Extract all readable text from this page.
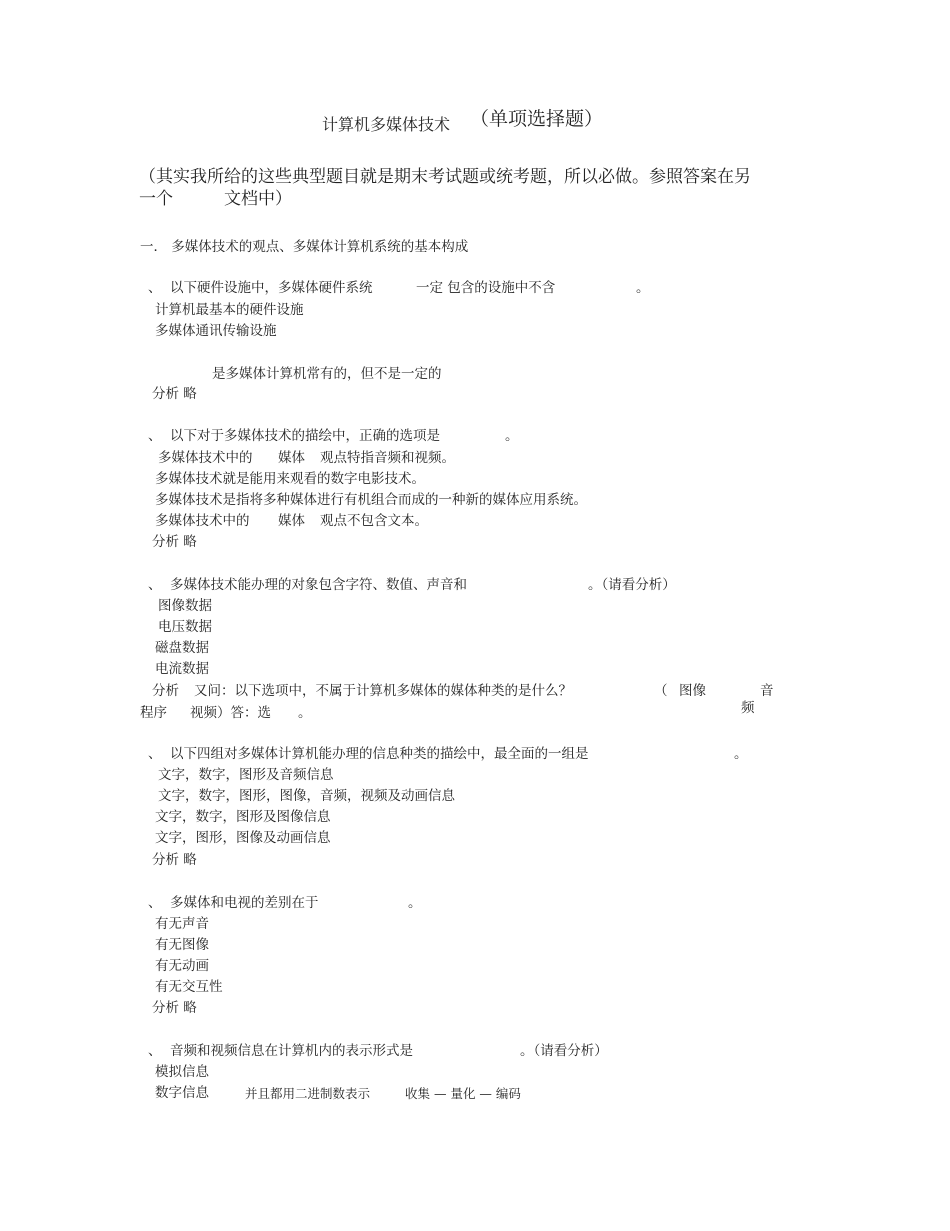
计算机多媒体技术 （单项选择题）
（其实我所给的这些典型题目就是期末考试题或统考题，所以必做。参照答案在另
一个	文档中）
一． 多媒体技术的观点、多媒体计算机系统的基本构成
、 以下硬件设施中，多媒体硬件系统	一定 包含的设施中不含	。
计算机最基本的硬件设施
多媒体通讯传输设施
是多媒体计算机常有的，但不是一定的
分析 略
、 以下对于多媒体技术的描绘中，正确的选项是	。
多媒体技术中的 媒体 观点特指音频和视频。
多媒体技术就是能用来观看的数字电影技术。
多媒体技术是指将多种媒体进行有机组合而成的一种新的媒体应用系统。
多媒体技术中的 媒体 观点不包含文本。
分析 略
、 多媒体技术能办理的对象包含字符、数值、声音和	。（请看分析）
图像数据
电压数据
磁盘数据
电流数据
分析 又问：以下选项中，不属于计算机多媒体的媒体种类的是什么？	（ 图像	音
频
程序 视频）答：选 。
、 以下四组对多媒体计算机能办理的信息种类的描绘中，最全面的一组是	。
文字，数字，图形及音频信息
文字，数字，图形，图像，音频，视频及动画信息
文字，数字，图形及图像信息
文字，图形，图像及动画信息
分析 略
、 多媒体和电视的差别在于	。
有无声音
有无图像
有无动画
有无交互性
分析 略
、 音频和视频信息在计算机内的表示形式是	。（请看分析）
模拟信息
数字信息	并且都用二进制数表示	收集 — 量化 — 编码
